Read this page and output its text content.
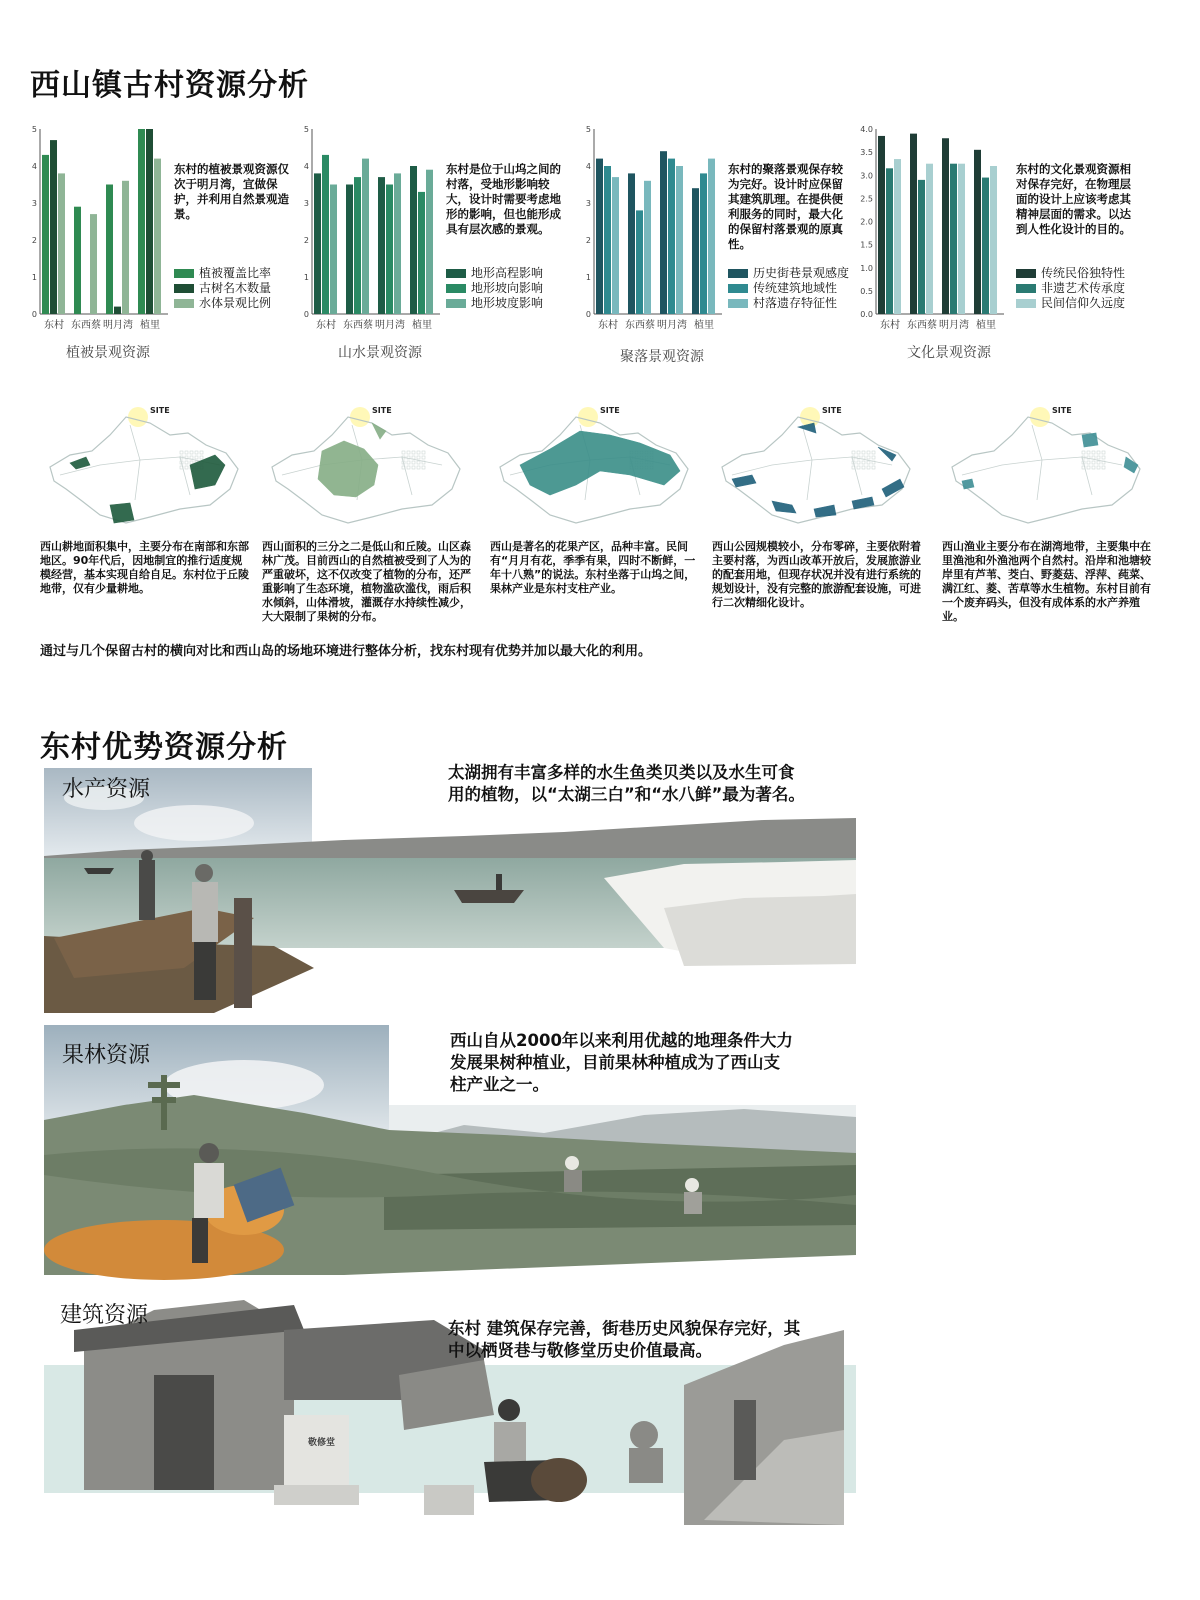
西山镇古村资源分析
0
1
2
3
4
5
东村 东西蔡 明月湾 植里
东村的植被景观资源仅次于明月湾，宜做保护，并利用自然景观造景。
植被覆盖比率
古树名木数量
水体景观比例
植被景观资源
0
1
2
3
4
5
东村 东西蔡 明月湾 植里
东村是位于山坞之间的村落，受地形影响较大，设计时需要考虑地形的影响，但也能形成具有层次感的景观。
地形高程影响
地形坡向影响
地形坡度影响
山水景观资源
0
1
2
3
4
5
东村 东西蔡 明月湾 植里
东村的聚落景观保存较为完好。设计时应保留其建筑肌理。在提供便利服务的同时，最大化的保留村落景观的原真性。
历史街巷景观感度
传统建筑地域性
村落遗存特征性
聚落景观资源
0.0
0.5
1.0
1.5
2.0
2.5
3.0
3.5
4.0
东村 东西蔡 明月湾 植里
东村的文化景观资源相对保存完好，在物理层面的设计上应该考虑其精神层面的需求。以达到人性化设计的目的。
传统民俗独特性
非遗艺术传承度
民间信仰久远度
文化景观资源
SITE
西山耕地面积集中，主要分布在南部和东部地区。90年代后，因地制宜的推行适度规模经营，基本实现自给自足。东村位于丘陵地带，仅有少量耕地。
SITE
西山面积的三分之二是低山和丘陵。山区森林广茂。目前西山的自然植被受到了人为的严重破坏，这不仅改变了植物的分布，还严重影响了生态环境，植物滥砍滥伐，雨后积水倾斜，山体滑坡，灌溉存水持续性减少，大大限制了果树的分布。
SITE
西山是著名的花果产区，品种丰富。民间有“月月有花，季季有果，四时不断鲜，一年十八熟”的说法。东村坐落于山坞之间，果林产业是东村支柱产业。
SITE
西山公园规模较小，分布零碎，主要依附着主要村落，为西山改革开放后，发展旅游业的配套用地，但现存状况并没有进行系统的规划设计，没有完整的旅游配套设施，可进行二次精细化设计。
SITE
西山渔业主要分布在湖湾地带，主要集中在里渔池和外渔池两个自然村。沿岸和池塘较岸里有芦苇、茭白、野菱菇、浮萍、莼菜、满江红、菱、苦草等水生植物。东村目前有一个废弃码头，但没有成体系的水产养殖业。
通过与几个保留古村的横向对比和西山岛的场地环境进行整体分析，找东村现有优势并加以最大化的利用。
东村优势资源分析
水产资源
太湖拥有丰富多样的水生鱼类贝类以及水生可食
用的植物，以“太湖三白”和“水八鲜”最为著名。
果林资源
西山自从2000年以来利用优越的地理条件大力
发展果树种植业，目前果林种植成为了西山支
柱产业之一。
敬修堂
建筑资源
东村 建筑保存完善，街巷历史风貌保存完好，其
中以栖贤巷与敬修堂历史价值最高。
